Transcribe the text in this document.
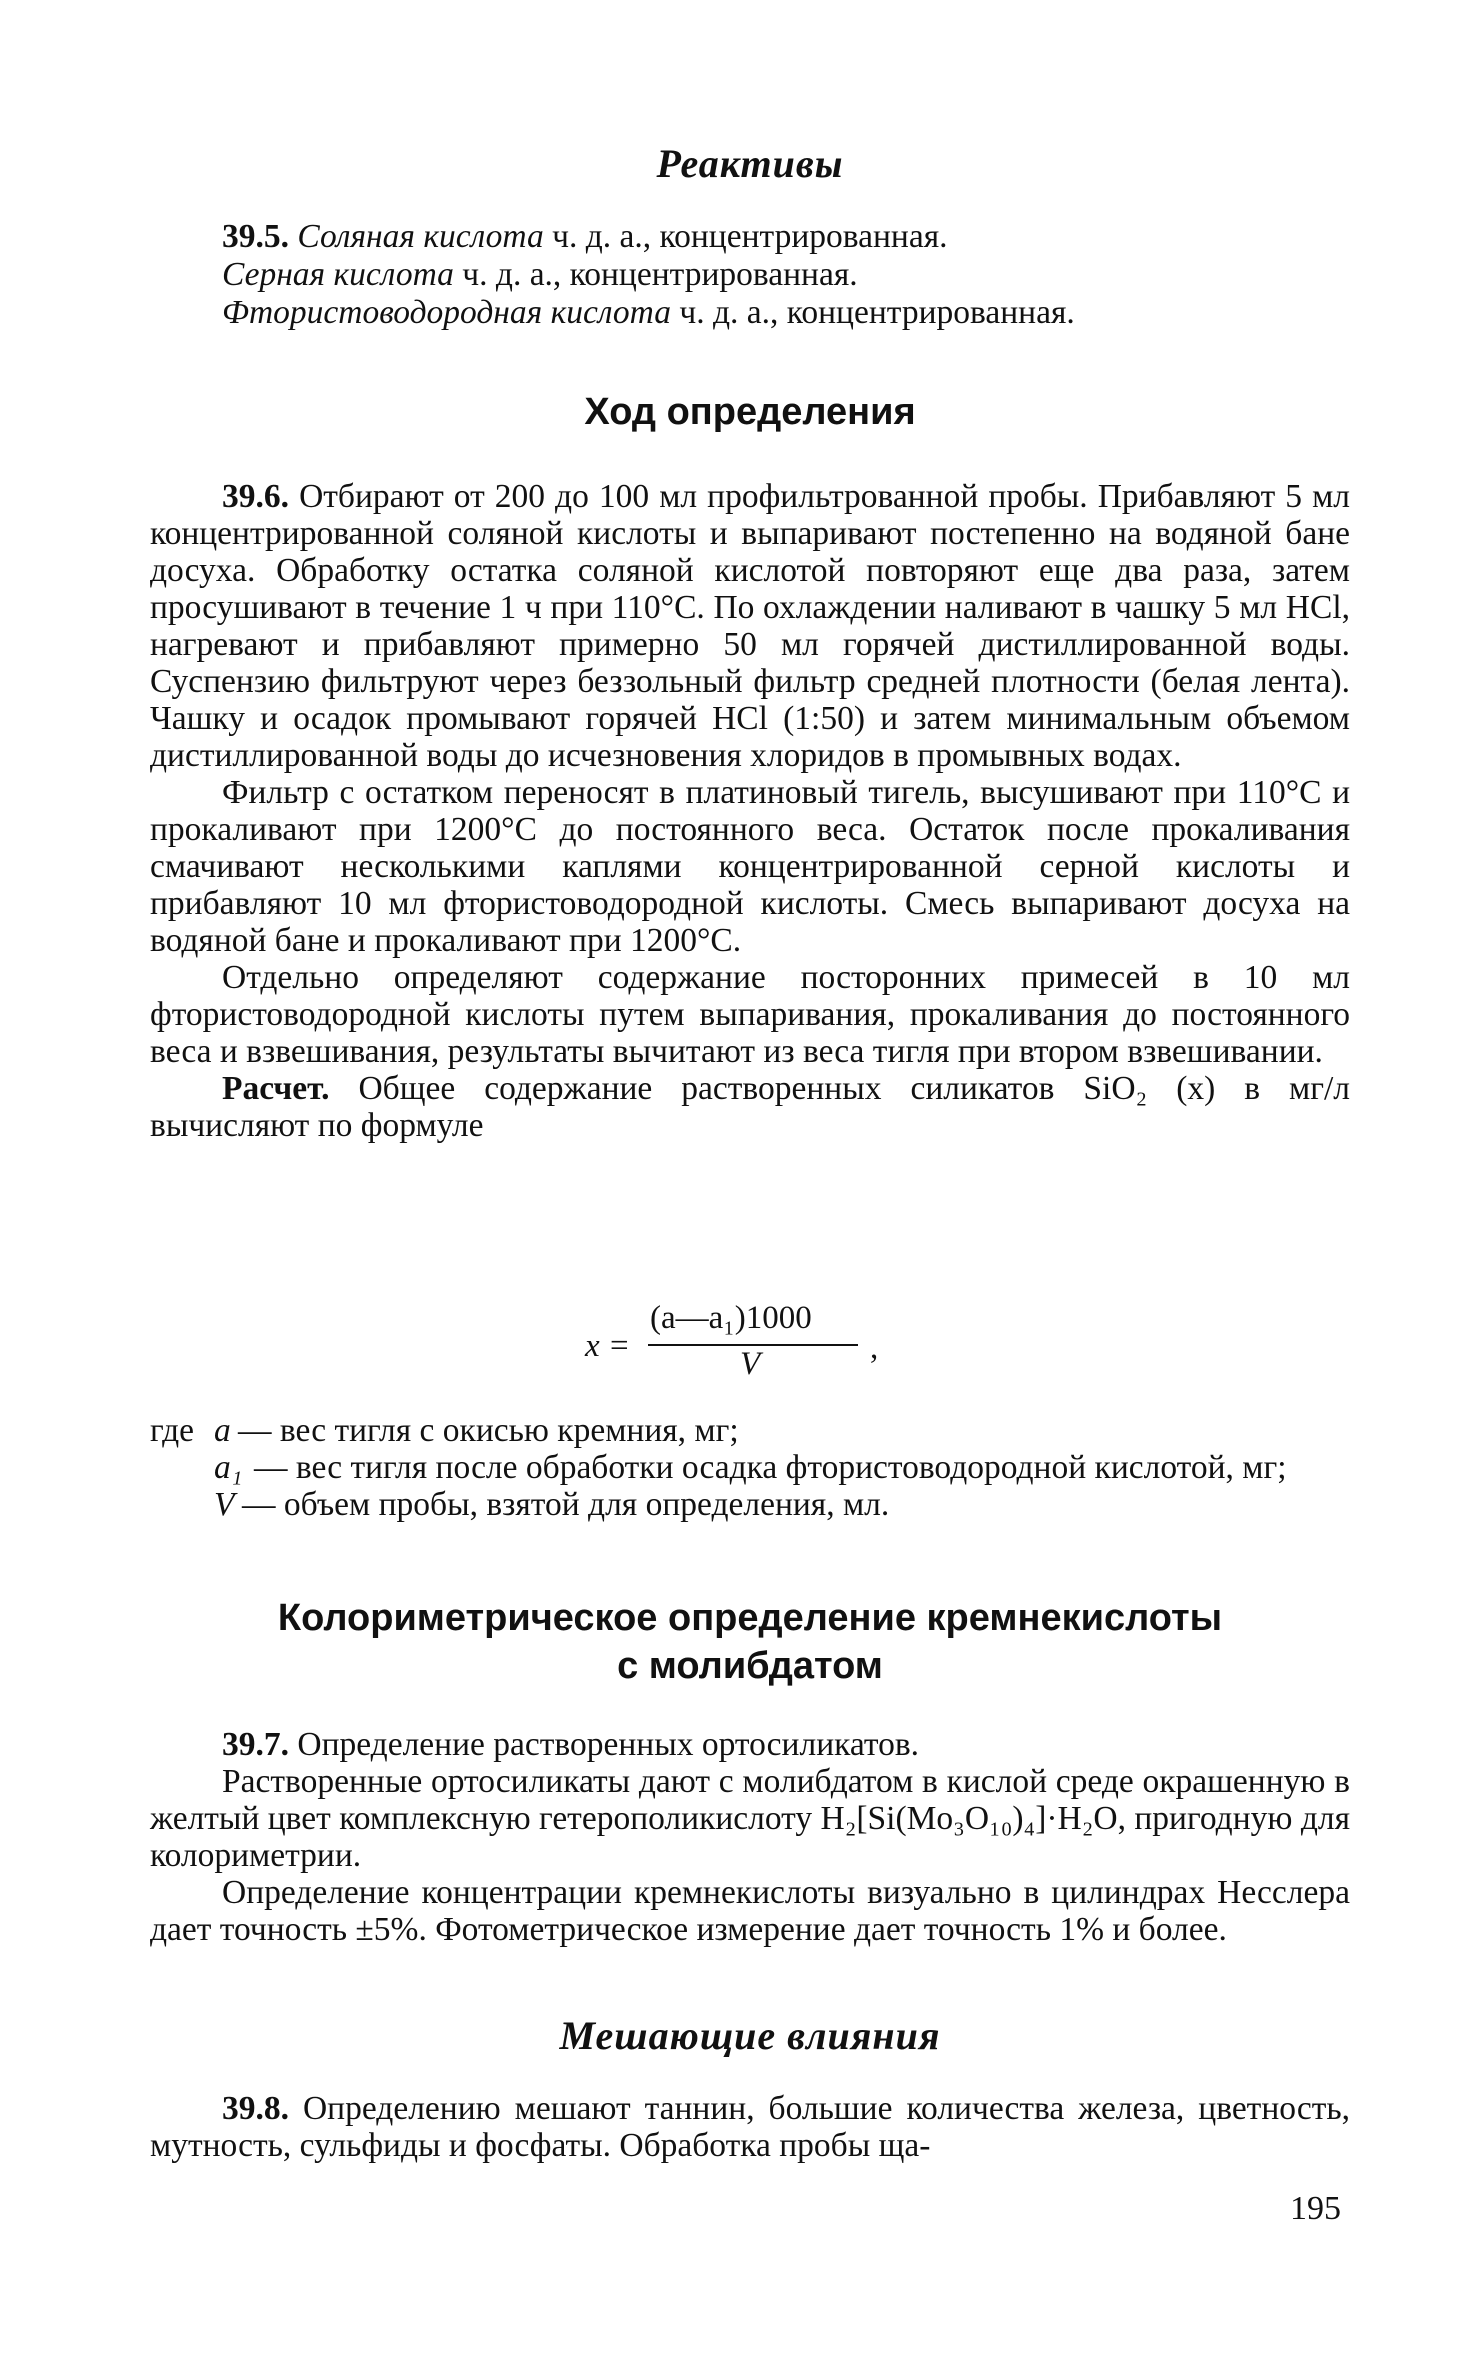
Реактивы
39.5. Соляная кислота ч. д. а., концентрированная.
Серная кислота ч. д. а., концентрированная.
Фтористоводородная кислота ч. д. а., концентрированная.
Ход определения

39.6. Отбирают от 200 до 100 мл профильтрованной пробы. Прибавляют 5 мл концентрированной соляной кислоты и выпаривают постепенно на водяной бане досуха. Обработку остатка соляной кислотой повторяют еще два раза, затем просушивают в течение 1 ч при 110°С. По охлаждении наливают в чашку 5 мл HCl, нагревают и прибавляют примерно 50 мл горячей дистиллированной воды. Суспензию фильтруют через беззольный фильтр средней плотности (белая лента). Чашку и осадок промывают горячей HCl (1:50) и затем минимальным объемом дистиллированной воды до исчезновения хлоридов в промывных водах.

Фильтр с остатком переносят в платиновый тигель, высушивают при 110°С и прокаливают при 1200°С до постоянного веса. Остаток после прокаливания смачивают несколькими каплями концентрированной серной кислоты и прибавляют 10 мл фтористоводородной кислоты. Смесь выпаривают досуха на водяной бане и прокаливают при 1200°С.

Отдельно определяют содержание посторонних примесей в 10 мл фтористоводородной кислоты путем выпаривания, прокаливания до постоянного веса и взвешивания, результаты вычитают из веса тигля при втором взвешивании.

Расчет. Общее содержание растворенных силикатов SiO₂ (x) в мг/л вычисляют по формуле

x =
(a—a₁)1000
V	,
где a — вес тигля с окисью кремния, мг;
a₁ — вес тигля после обработки осадка фтористоводородной кислотой, мг;
V — объем пробы, взятой для определения, мл.
Колориметрическое определение кремнекислоты
с молибдатом

39.7. Определение растворенных ортосиликатов.

Растворенные ортосиликаты дают с молибдатом в кислой среде окрашенную в желтый цвет комплексную гетерополикислоту H₂[Si(Mo₃O₁₀)₄]·H₂O, пригодную для колориметрии.

Определение концентрации кремнекислоты визуально в цилиндрах Несслера дает точность ±5%. Фотометрическое измерение дает точность 1% и более.

Мешающие влияния

39.8. Определению мешают таннин, большие количества железа, цветность, мутность, сульфиды и фосфаты. Обработка пробы ща-

195
